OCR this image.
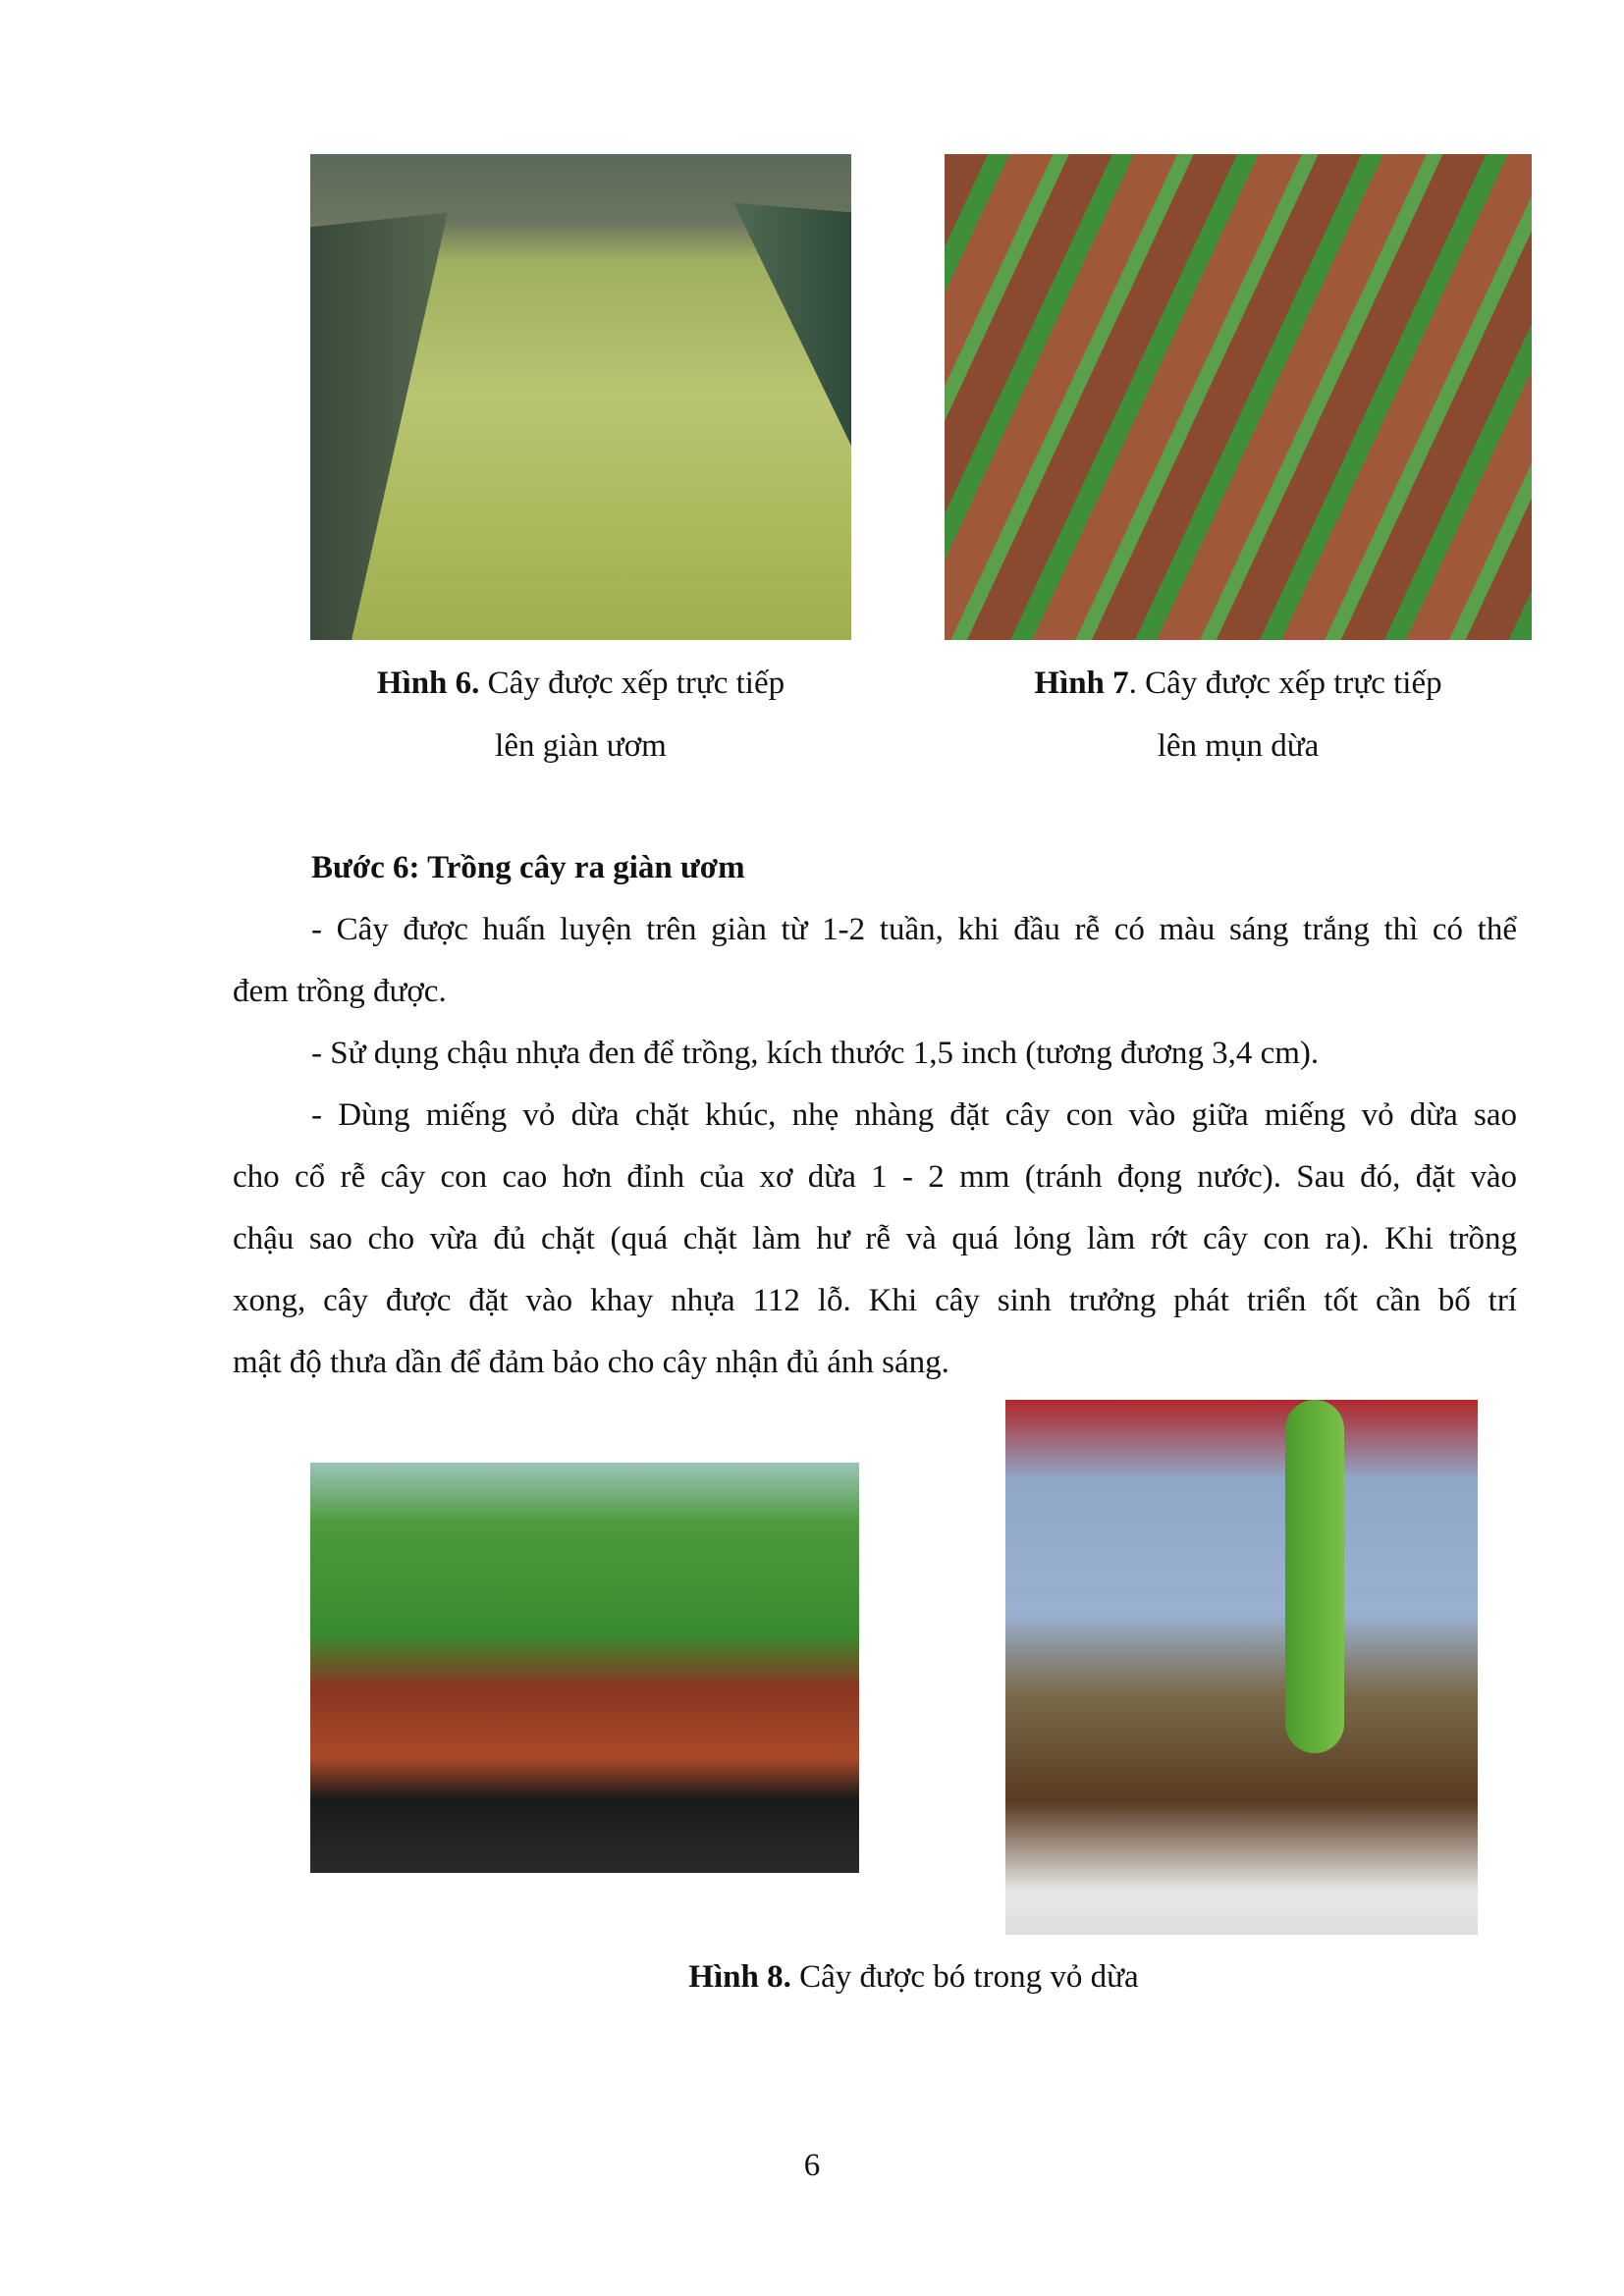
Hình 6. Cây được xếp trực tiếp
lên giàn ươm
Hình 7. Cây được xếp trực tiếp
lên mụn dừa
Bước 6: Trồng cây ra giàn ươm
- Cây được huấn luyện trên giàn từ 1-2 tuần, khi đầu rễ có màu sáng trắng thì có thể
đem trồng được.
- Sử dụng chậu nhựa đen để trồng, kích thước 1,5 inch (tương đương 3,4 cm).
- Dùng miếng vỏ dừa chặt khúc, nhẹ nhàng đặt cây con vào giữa miếng vỏ dừa sao
cho cổ rễ cây con cao hơn đỉnh của xơ dừa 1 - 2 mm (tránh đọng nước). Sau đó, đặt vào
chậu sao cho vừa đủ chặt (quá chặt làm hư rễ và quá lỏng làm rớt cây con ra). Khi trồng
xong, cây được đặt vào khay nhựa 112 lỗ. Khi cây sinh trưởng phát triển tốt cần bố trí
mật độ thưa dần để đảm bảo cho cây nhận đủ ánh sáng.
Hình 8. Cây được bó trong vỏ dừa
6
